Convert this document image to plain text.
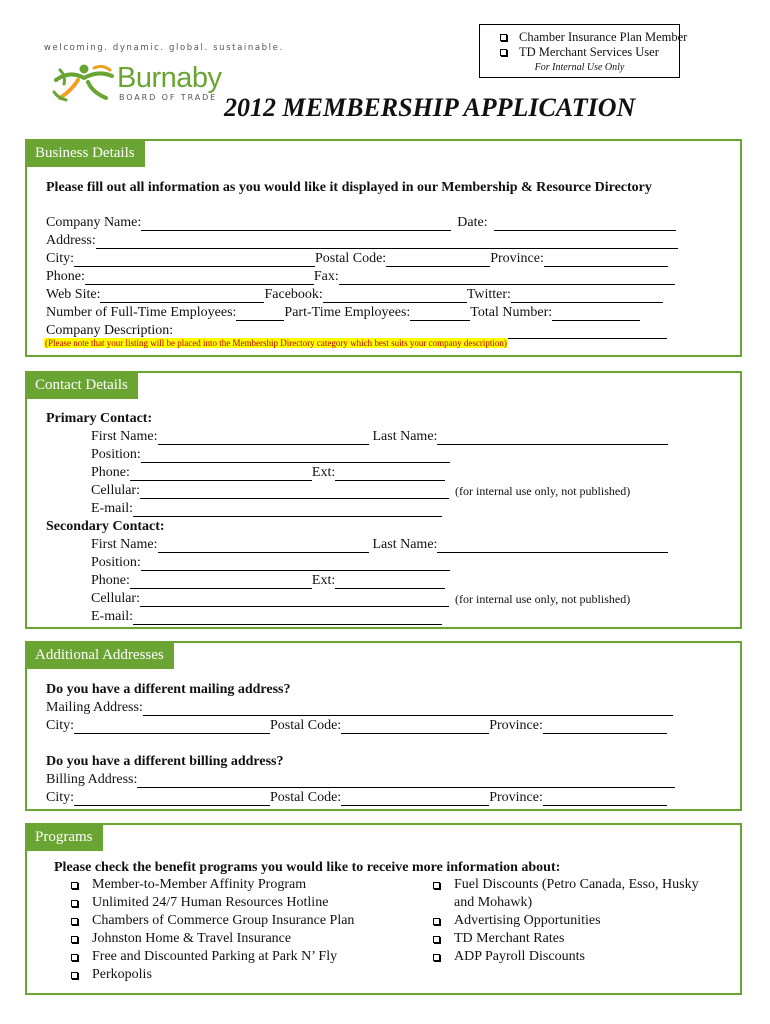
welcoming. dynamic. global. sustainable.
Burnaby
BOARD OF TRADE
Chamber Insurance Plan Member
TD Merchant Services User
For Internal Use Only
2012 MEMBERSHIP APPLICATION
Business Details
Please fill out all information as you would like it displayed in our Membership & Resource Directory
Company Name:	Date:
Address:
City:	Postal Code:	Province:
Phone:	Fax:
Web Site:	Facebook:	Twitter:
Number of Full-Time Employees:	Part-Time Employees:	Total Number:
Company Description:
(Please note that your listing will be placed into the Membership Directory category which best suits your company description)
Contact Details
Primary Contact:
First Name:	Last Name:
Position:
Phone:	Ext:
Cellular:	(for internal use only, not published)
E-mail:
Secondary Contact:
First Name:	Last Name:
Position:
Phone:	Ext:
Cellular:	(for internal use only, not published)
E-mail:
Additional Addresses
Do you have a different mailing address?
Mailing Address:
City:	Postal Code:	Province:
Do you have a different billing address?
Billing Address:
City:	Postal Code:	Province:
Programs
Please check the benefit programs you would like to receive more information about:
Member-to-Member Affinity Program
Unlimited 24/7 Human Resources Hotline
Chambers of Commerce Group Insurance Plan
Johnston Home & Travel Insurance
Free and Discounted Parking at Park N’ Fly
Perkopolis
Fuel Discounts (Petro Canada, Esso, Husky
and Mohawk)
Advertising Opportunities
TD Merchant Rates
ADP Payroll Discounts
